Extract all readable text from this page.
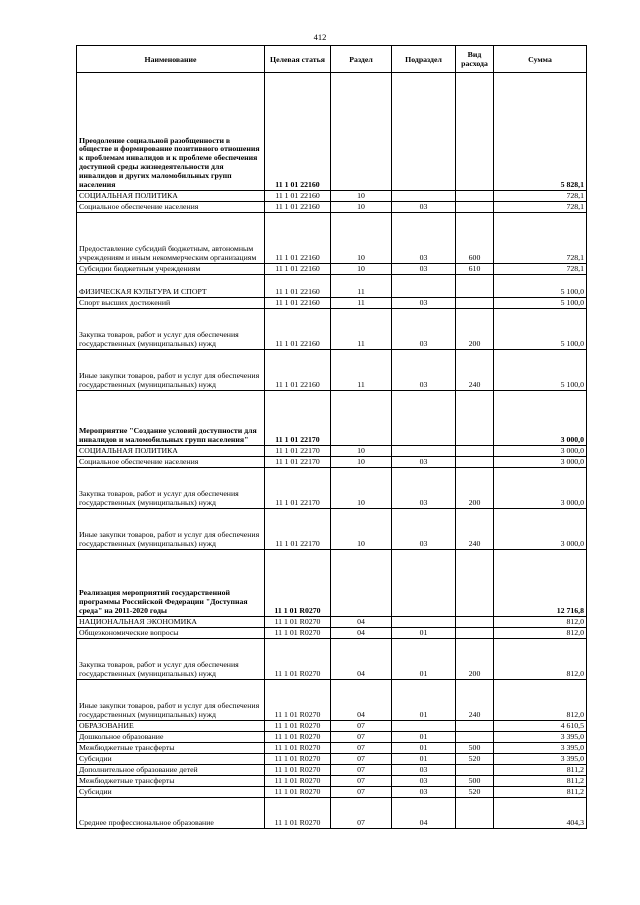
412
Наименование	Целевая статья	Раздел	Подраздел	Вид расхода	Сумма
Преодоление социальной разобщенности в обществе и формирование позитивного отношения к проблемам инвалидов и к проблеме обеспечения доступной среды жизнедеятельности для инвалидов и других маломобильных групп населения	11 1 01 22160				5 828,1
СОЦИАЛЬНАЯ ПОЛИТИКА	11 1 01 22160	10			728,1
Социальное обеспечение населения	11 1 01 22160	10	03		728,1
Предоставление субсидий бюджетным, автономным учреждениям и иным некоммерческим организациям	11 1 01 22160	10	03	600	728,1
Субсидии бюджетным учреждениям	11 1 01 22160	10	03	610	728,1
ФИЗИЧЕСКАЯ КУЛЬТУРА И СПОРТ	11 1 01 22160	11			5 100,0
Спорт высших достижений	11 1 01 22160	11	03		5 100,0
Закупка товаров, работ и услуг для обеспечения государственных (муниципальных) нужд	11 1 01 22160	11	03	200	5 100,0
Иные закупки товаров, работ и услуг для обеспечения государственных (муниципальных) нужд	11 1 01 22160	11	03	240	5 100,0
Мероприятие "Создание условий доступности для инвалидов и маломобильных групп населения"	11 1 01 22170				3 000,0
СОЦИАЛЬНАЯ ПОЛИТИКА	11 1 01 22170	10			3 000,0
Социальное обеспечение населения	11 1 01 22170	10	03		3 000,0
Закупка товаров, работ и услуг для обеспечения государственных (муниципальных) нужд	11 1 01 22170	10	03	200	3 000,0
Иные закупки товаров, работ и услуг для обеспечения государственных (муниципальных) нужд	11 1 01 22170	10	03	240	3 000,0
Реализация мероприятий государственной программы Российской Федерации "Доступная среда" на 2011-2020 годы	11 1 01 R0270				12 716,8
НАЦИОНАЛЬНАЯ ЭКОНОМИКА	11 1 01 R0270	04			812,0
Общеэкономические вопросы	11 1 01 R0270	04	01		812,0
Закупка товаров, работ и услуг для обеспечения государственных (муниципальных) нужд	11 1 01 R0270	04	01	200	812,0
Иные закупки товаров, работ и услуг для обеспечения государственных (муниципальных) нужд	11 1 01 R0270	04	01	240	812,0
ОБРАЗОВАНИЕ	11 1 01 R0270	07			4 610,5
Дошкольное образование	11 1 01 R0270	07	01		3 395,0
Межбюджетные трансферты	11 1 01 R0270	07	01	500	3 395,0
Субсидии	11 1 01 R0270	07	01	520	3 395,0
Дополнительное образование детей	11 1 01 R0270	07	03		811,2
Межбюджетные трансферты	11 1 01 R0270	07	03	500	811,2
Субсидии	11 1 01 R0270	07	03	520	811,2
Среднее профессиональное образование	11 1 01 R0270	07	04		404,3
